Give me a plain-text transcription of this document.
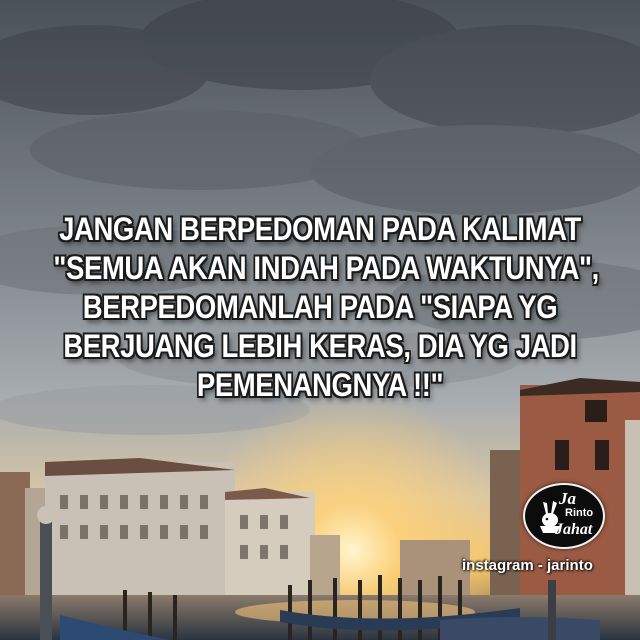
JANGAN BERPEDOMAN PADA KALIMAT
"SEMUA AKAN INDAH PADA WAKTUNYA",
BERPEDOMANLAH PADA "SIAPA YG
BERJUANG LEBIH KERAS, DIA YG JADI
PEMENANGNYA !!"
Ja
Rinto
Jahat
instagram - jarinto
